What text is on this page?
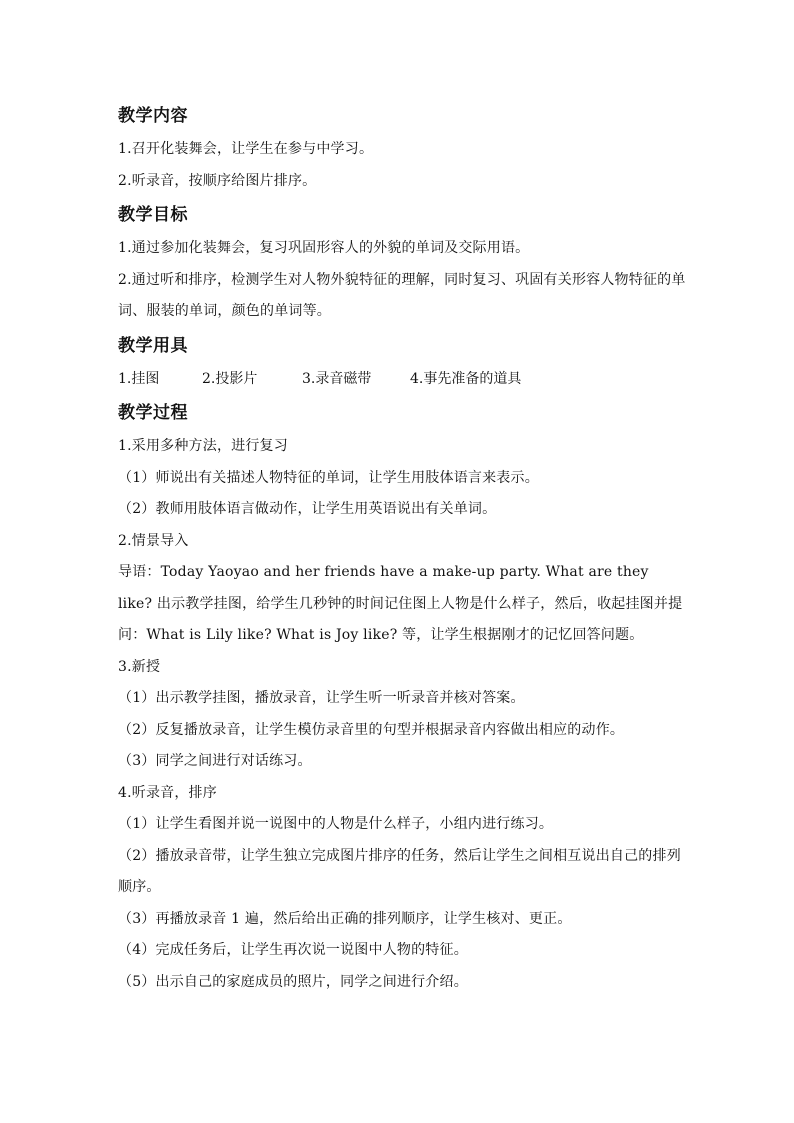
教学内容

1.召开化装舞会，让学生在参与中学习。

2.听录音，按顺序给图片排序。

教学目标

1.通过参加化装舞会，复习巩固形容人的外貌的单词及交际用语。

2.通过听和排序，检测学生对人物外貌特征的理解，同时复习、巩固有关形容人物特征的单词、服装的单词，颜色的单词等。

教学用具
1.挂图	2.投影片	3.录音磁带	4.事先准备的道具
教学过程

1.采用多种方法，进行复习

（1）师说出有关描述人物特征的单词，让学生用肢体语言来表示。

（2）教师用肢体语言做动作，让学生用英语说出有关单词。

2.情景导入

导语：Today Yaoyao and her friends have a make-up party. What are they like? 出示教学挂图，给学生几秒钟的时间记住图上人物是什么样子，然后，收起挂图并提问：What is Lily like? What is Joy like? 等，让学生根据刚才的记忆回答问题。

3.新授

（1）出示教学挂图，播放录音，让学生听一听录音并核对答案。

（2）反复播放录音，让学生模仿录音里的句型并根据录音内容做出相应的动作。

（3）同学之间进行对话练习。

4.听录音，排序

（1）让学生看图并说一说图中的人物是什么样子，小组内进行练习。

（2）播放录音带，让学生独立完成图片排序的任务，然后让学生之间相互说出自己的排列顺序。

（3）再播放录音 1 遍，然后给出正确的排列顺序，让学生核对、更正。

（4）完成任务后，让学生再次说一说图中人物的特征。

（5）出示自己的家庭成员的照片，同学之间进行介绍。
